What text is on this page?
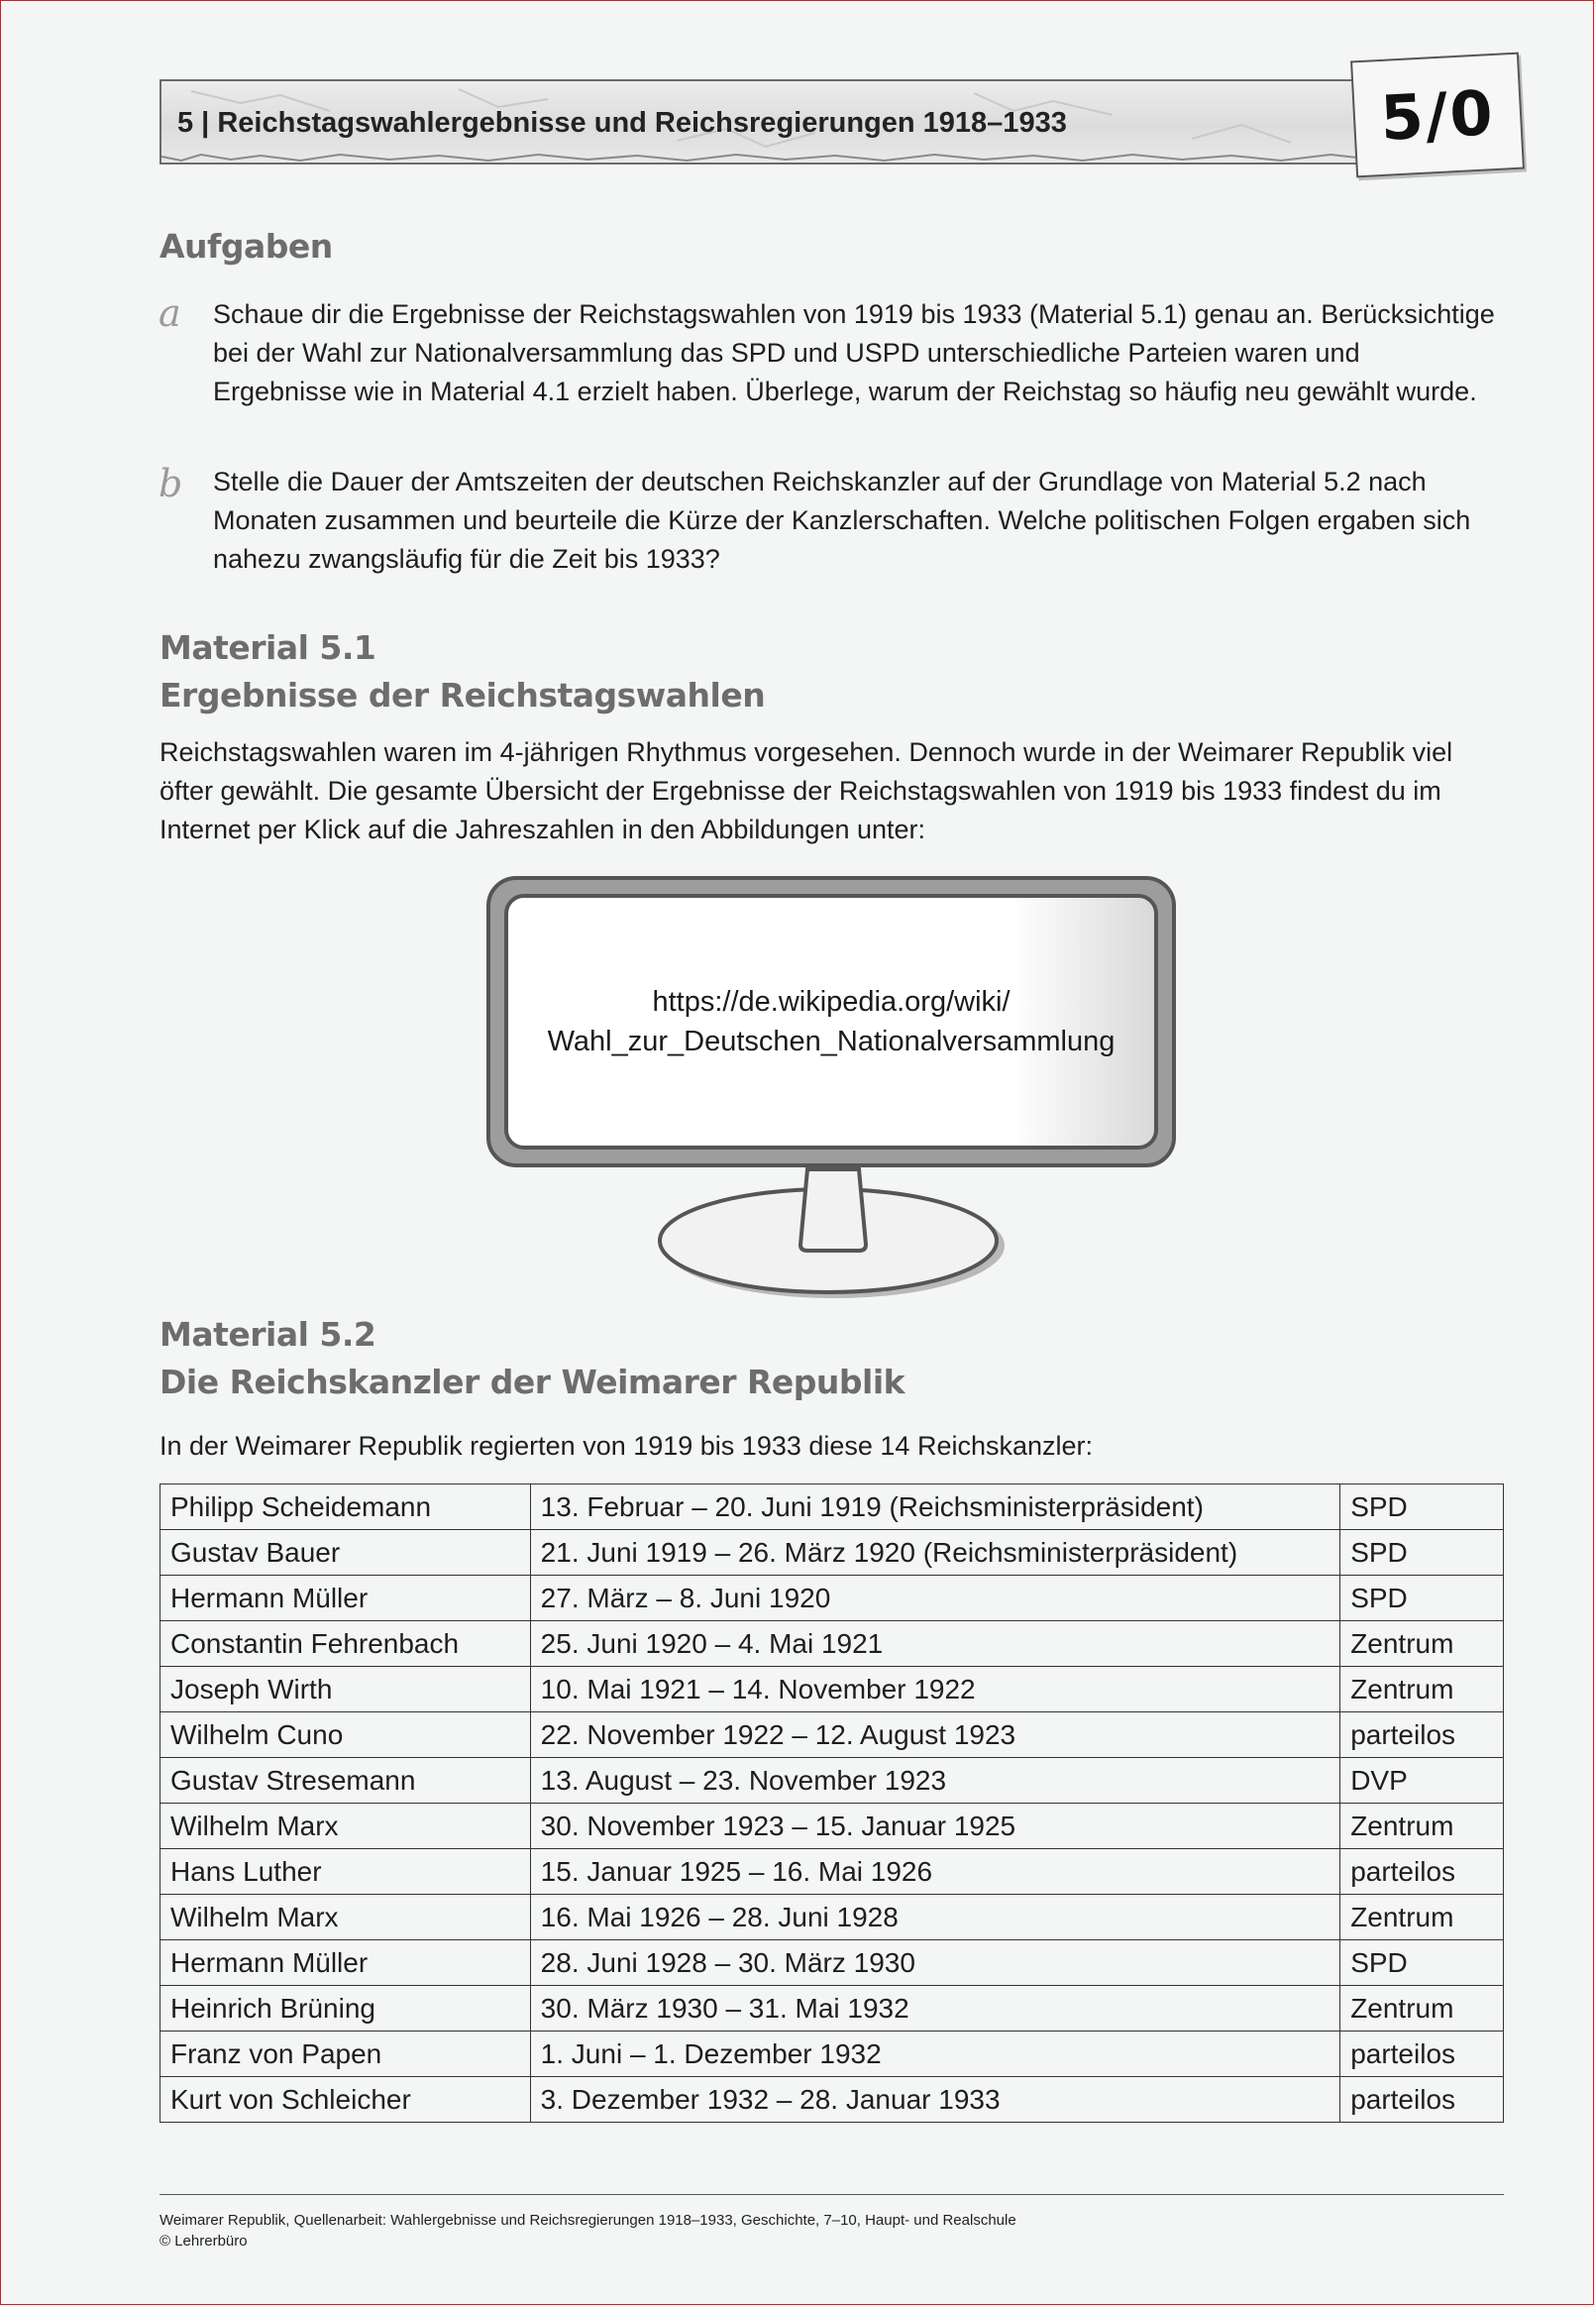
5 | Reichstagswahlergebnisse und Reichsregierungen 1918–1933	5/0
Aufgaben
a Schaue dir die Ergebnisse der Reichstagswahlen von 1919 bis 1933 (Material 5.1) genau an. Berücksichtige bei der Wahl zur Nationalversammlung das SPD und USPD unterschiedliche Parteien waren und Ergebnisse wie in Material 4.1 erzielt haben. Überlege, warum der Reichstag so häufig neu gewählt wurde.
b Stelle die Dauer der Amtszeiten der deutschen Reichskanzler auf der Grundlage von Material 5.2 nach Monaten zusammen und beurteile die Kürze der Kanzlerschaften. Welche politischen Folgen ergaben sich nahezu zwangsläufig für die Zeit bis 1933?
Material 5.1
Ergebnisse der Reichstagswahlen
Reichstagswahlen waren im 4-jährigen Rhythmus vorgesehen. Dennoch wurde in der Weimarer Republik viel öfter gewählt. Die gesamte Übersicht der Ergebnisse der Reichstagswahlen von 1919 bis 1933 findest du im Internet per Klick auf die Jahreszahlen in den Abbildungen unter:
https://de.wikipedia.org/wiki/
Wahl_zur_Deutschen_Nationalversammlung
Material 5.2
Die Reichskanzler der Weimarer Republik
In der Weimarer Republik regierten von 1919 bis 1933 diese 14 Reichskanzler:
Philipp Scheidemann	13. Februar – 20. Juni 1919 (Reichsministerpräsident)	SPD
Gustav Bauer	21. Juni 1919 – 26. März 1920 (Reichsministerpräsident)	SPD
Hermann Müller	27. März – 8. Juni 1920	SPD
Constantin Fehrenbach	25. Juni 1920 – 4. Mai 1921	Zentrum
Joseph Wirth	10. Mai 1921 – 14. November 1922	Zentrum
Wilhelm Cuno	22. November 1922 – 12. August 1923	parteilos
Gustav Stresemann	13. August – 23. November 1923	DVP
Wilhelm Marx	30. November 1923 – 15. Januar 1925	Zentrum
Hans Luther	15. Januar 1925 – 16. Mai 1926	parteilos
Wilhelm Marx	16. Mai 1926 – 28. Juni 1928	Zentrum
Hermann Müller	28. Juni 1928 – 30. März 1930	SPD
Heinrich Brüning	30. März 1930 – 31. Mai 1932	Zentrum
Franz von Papen	1. Juni – 1. Dezember 1932	parteilos
Kurt von Schleicher	3. Dezember 1932 – 28. Januar 1933	parteilos
Weimarer Republik, Quellenarbeit: Wahlergebnisse und Reichsregierungen 1918–1933, Geschichte, 7–10, Haupt- und Realschule
© Lehrerbüro
